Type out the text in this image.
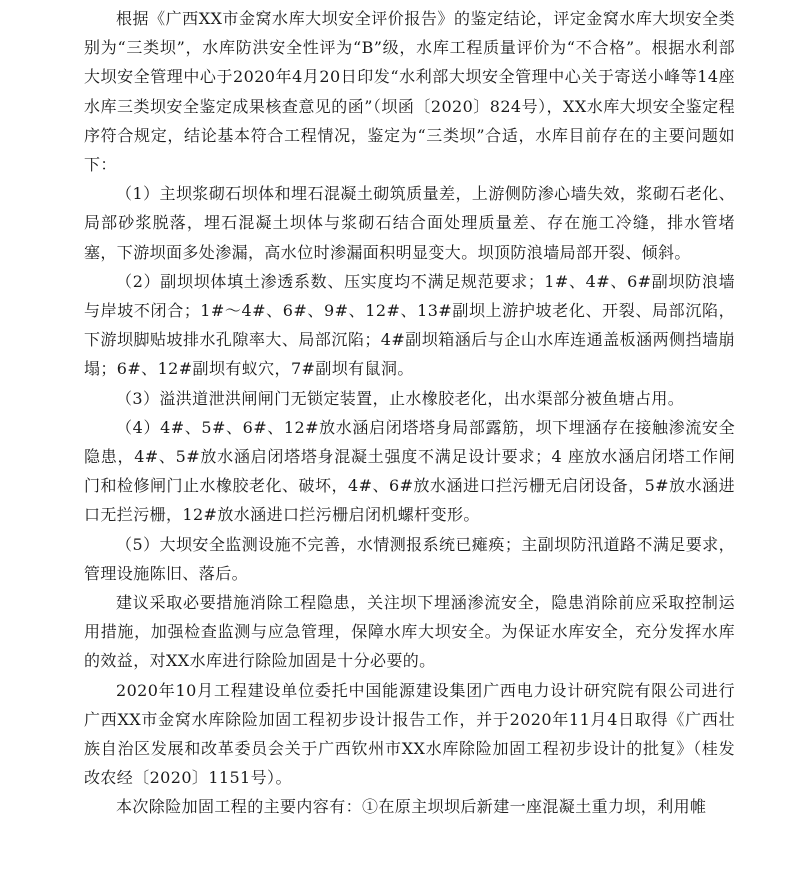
根据《广西XX市金窝水库大坝安全评价报告》的鉴定结论，评定金窝水库大坝安全类别为“三类坝”，水库防洪安全性评为“B”级，水库工程质量评价为“不合格”。根据水利部大坝安全管理中心于2020年4月20日印发“水利部大坝安全管理中心关于寄送小峰等14座水库三类坝安全鉴定成果核查意见的函”（坝函〔2020〕824号），XX水库大坝安全鉴定程序符合规定，结论基本符合工程情况，鉴定为“三类坝”合适，水库目前存在的主要问题如下：

（1）主坝浆砌石坝体和埋石混凝土砌筑质量差，上游侧防渗心墙失效，浆砌石老化、局部砂浆脱落，埋石混凝土坝体与浆砌石结合面处理质量差、存在施工冷缝，排水管堵塞，下游坝面多处渗漏，高水位时渗漏面积明显变大。坝顶防浪墙局部开裂、倾斜。

（2）副坝坝体填土渗透系数、压实度均不满足规范要求；1#、4#、6#副坝防浪墙与岸坡不闭合；1#～4#、6#、9#、12#、13#副坝上游护坡老化、开裂、局部沉陷，下游坝脚贴坡排水孔隙率大、局部沉陷；4#副坝箱涵后与企山水库连通盖板涵两侧挡墙崩塌；6#、12#副坝有蚁穴，7#副坝有鼠洞。

（3）溢洪道泄洪闸闸门无锁定装置，止水橡胶老化，出水渠部分被鱼塘占用。

（4）4#、5#、6#、12#放水涵启闭塔塔身局部露筋，坝下埋涵存在接触渗流安全隐患，4#、5#放水涵启闭塔塔身混凝土强度不满足设计要求；4 座放水涵启闭塔工作闸门和检修闸门止水橡胶老化、破坏，4#、6#放水涵进口拦污栅无启闭设备，5#放水涵进口无拦污栅，12#放水涵进口拦污栅启闭机螺杆变形。

（5）大坝安全监测设施不完善，水情测报系统已瘫痪；主副坝防汛道路不满足要求，管理设施陈旧、落后。

建议采取必要措施消除工程隐患，关注坝下埋涵渗流安全，隐患消除前应采取控制运用措施，加强检查监测与应急管理，保障水库大坝安全。为保证水库安全，充分发挥水库的效益，对XX水库进行除险加固是十分必要的。

2020年10月工程建设单位委托中国能源建设集团广西电力设计研究院有限公司进行广西XX市金窝水库除险加固工程初步设计报告工作，并于2020年11月4日取得《广西壮族自治区发展和改革委员会关于广西钦州市XX水库除险加固工程初步设计的批复》（桂发改农经〔2020〕1151号）。

本次除险加固工程的主要内容有：①在原主坝坝后新建一座混凝土重力坝，利用帷
